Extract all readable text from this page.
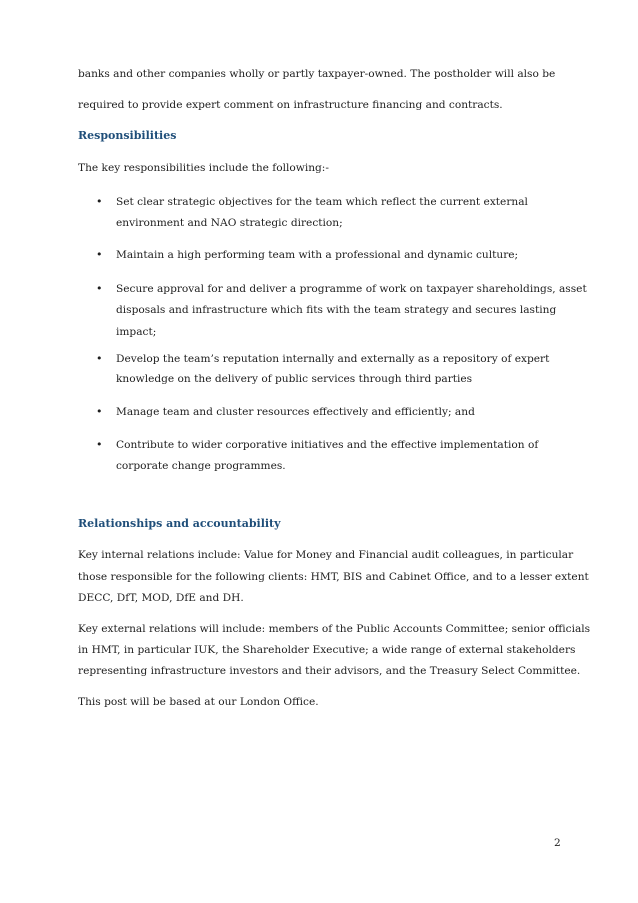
banks and other companies wholly or partly taxpayer-owned. The postholder will also be

required to provide expert comment on infrastructure financing and contracts.

Responsibilities

The key responsibilities include the following:-

• Set clear strategic objectives for the team which reflect the current external

environment and NAO strategic direction;

• Maintain a high performing team with a professional and dynamic culture;

• Secure approval for and deliver a programme of work on taxpayer shareholdings, asset

disposals and infrastructure which fits with the team strategy and secures lasting

impact;

• Develop the team’s reputation internally and externally as a repository of expert

knowledge on the delivery of public services through third parties

• Manage team and cluster resources effectively and efficiently; and

• Contribute to wider corporative initiatives and the effective implementation of

corporate change programmes.

Relationships and accountability

Key internal relations include: Value for Money and Financial audit colleagues, in particular

those responsible for the following clients: HMT, BIS and Cabinet Office, and to a lesser extent

DECC, DfT, MOD, DfE and DH.

Key external relations will include: members of the Public Accounts Committee; senior officials

in HMT, in particular IUK, the Shareholder Executive; a wide range of external stakeholders

representing infrastructure investors and their advisors, and the Treasury Select Committee.

This post will be based at our London Office.

2
